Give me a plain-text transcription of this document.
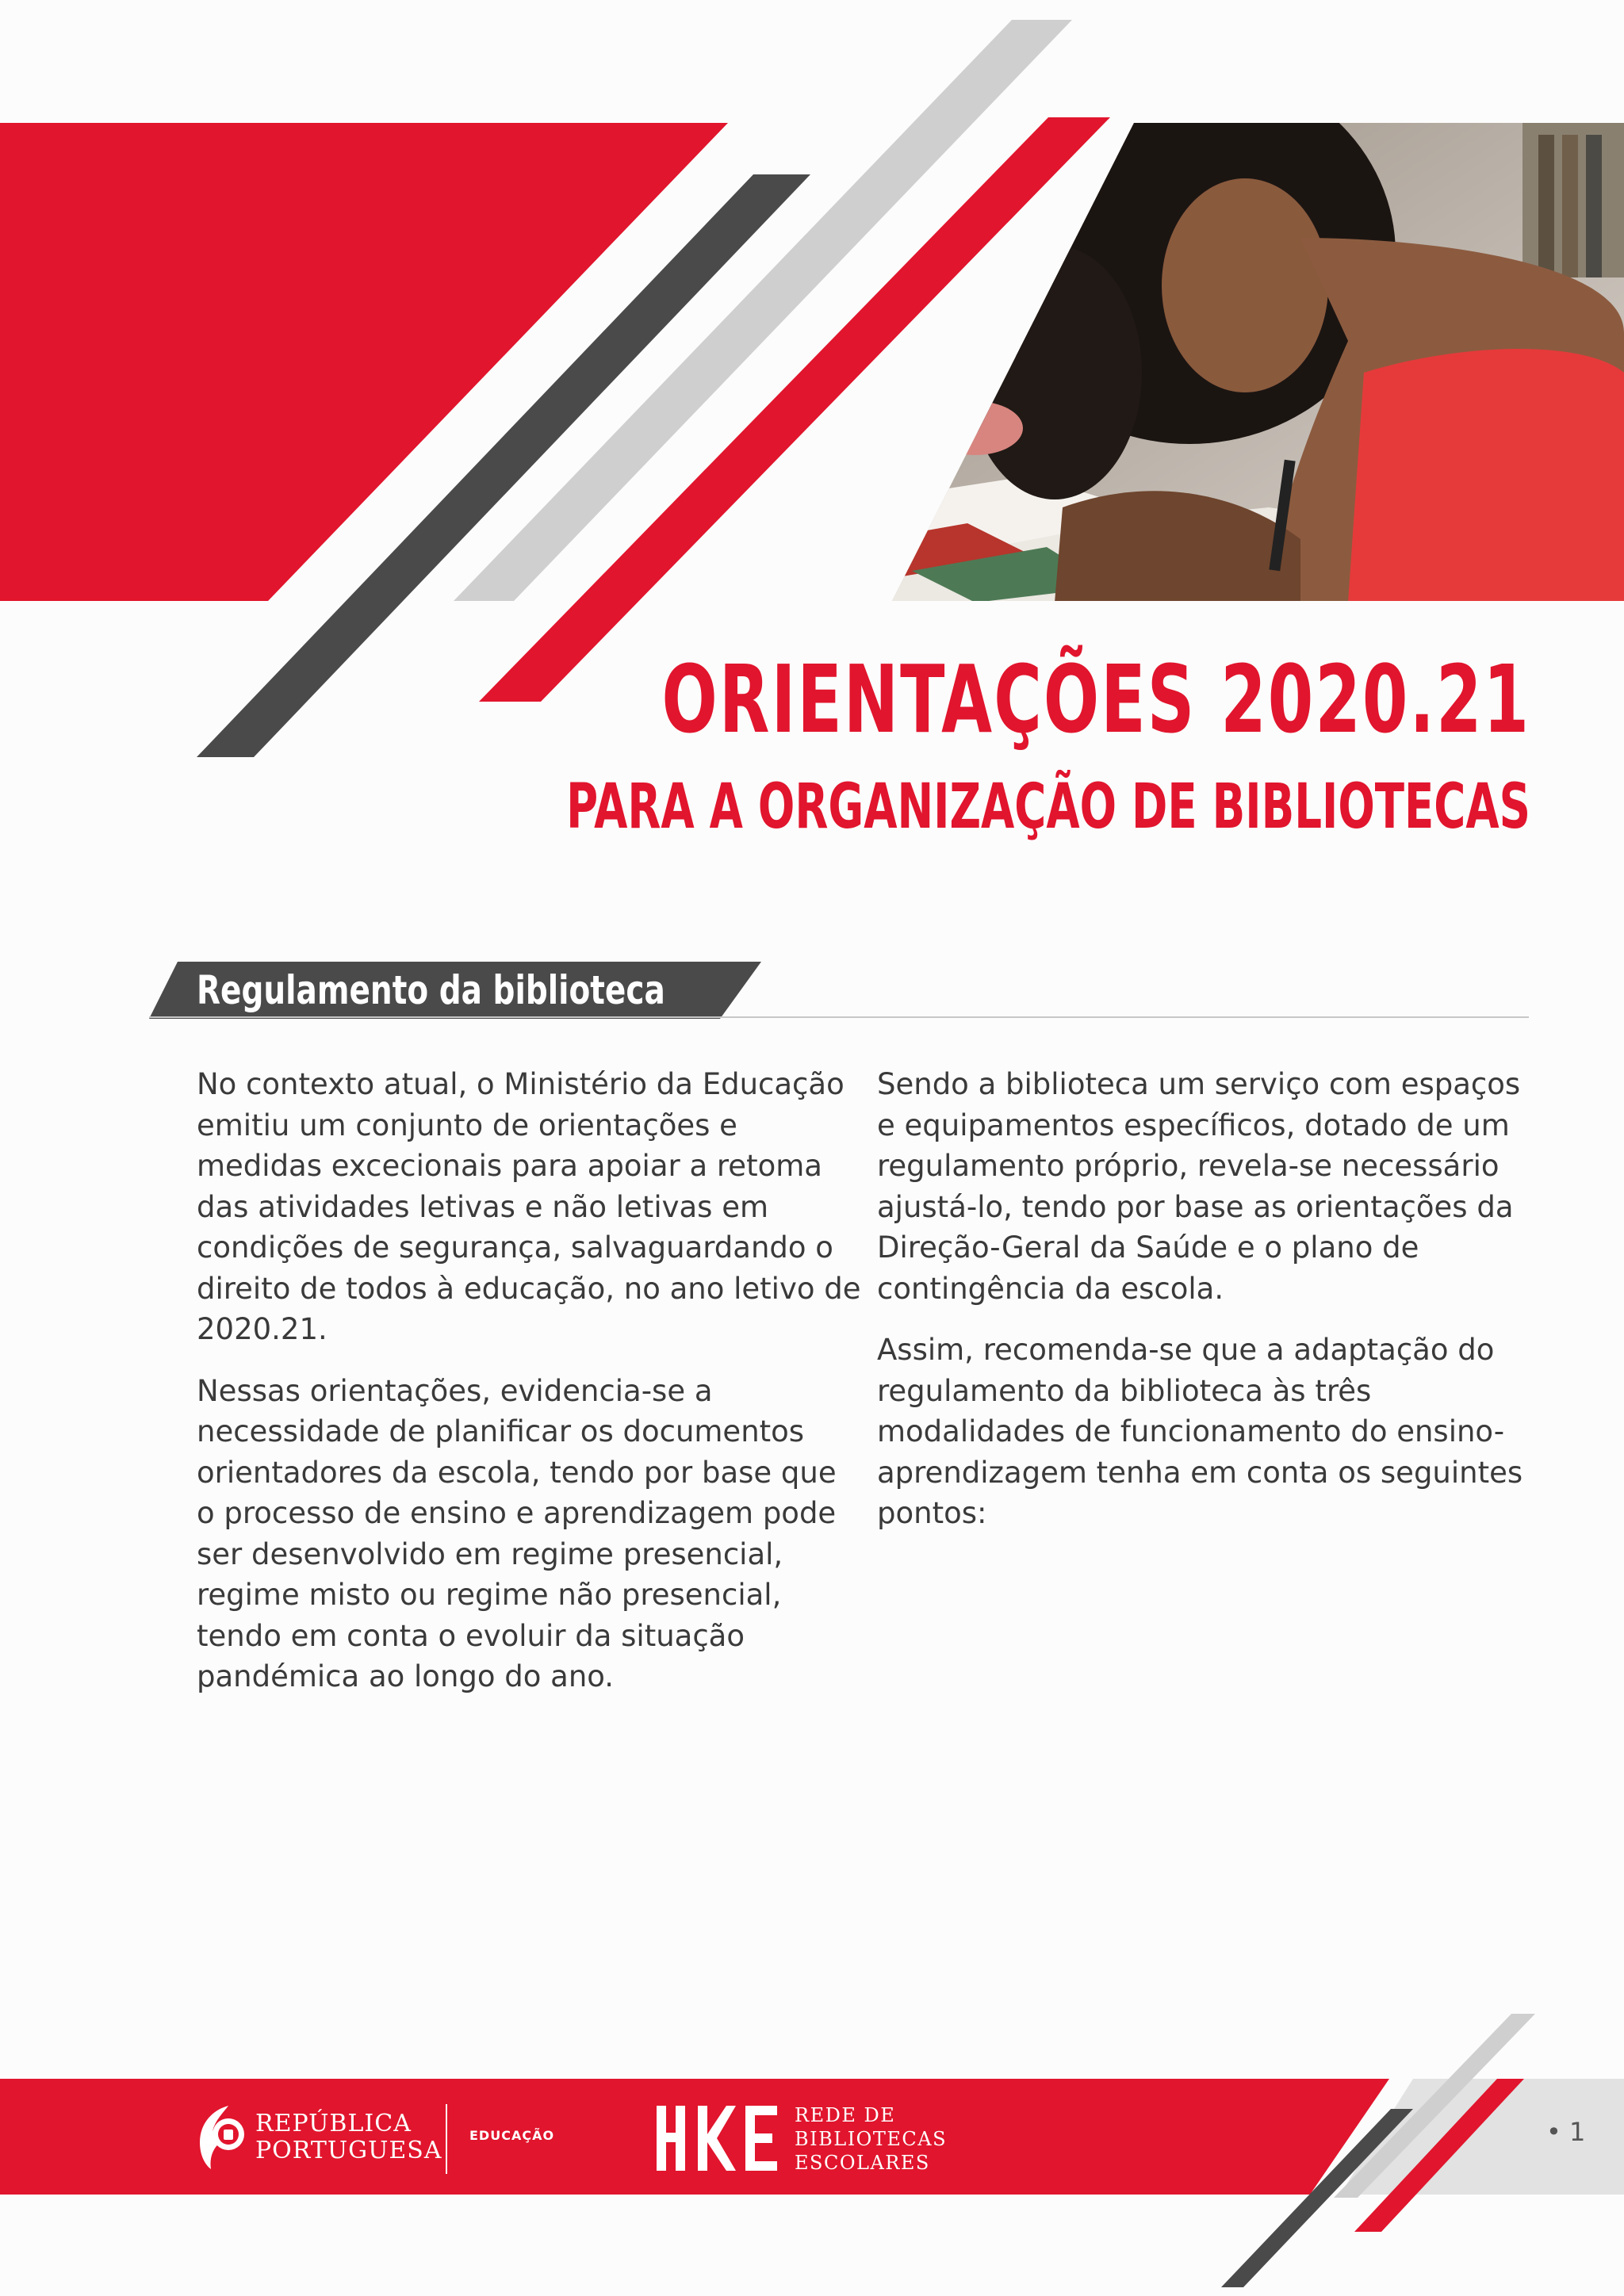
ORIENTAÇÕES 2020.21
PARA A ORGANIZAÇÃO DE BIBLIOTECAS
Regulamento da biblioteca

No contexto atual, o Ministério da Educação emitiu um conjunto de orientações e medidas excecionais para apoiar a retoma das atividades letivas e não letivas em condições de segurança, salvaguardando o direito de todos à educação, no ano letivo de 2020.21.

Nessas orientações, evidencia-se a necessidade de planificar os documentos orientadores da escola, tendo por base que o processo de ensino e aprendizagem pode ser desenvolvido em regime presencial, regime misto ou regime não presencial, tendo em conta o evoluir da situação pandémica ao longo do ano.

Sendo a biblioteca um serviço com espaços e equipamentos específicos, dotado de um regulamento próprio, revela-se necessário ajustá-lo, tendo por base as orientações da Direção-Geral da Saúde e o plano de contingência da escola.

Assim, recomenda-se que a adaptação do regulamento da biblioteca às três modalidades de funcionamento do ensino-aprendizagem tenha em conta os seguintes pontos:

REPÚBLICA
PORTUGUESA
EDUCAÇÃO
REDE DE
BIBLIOTECAS
ESCOLARES
• 1
